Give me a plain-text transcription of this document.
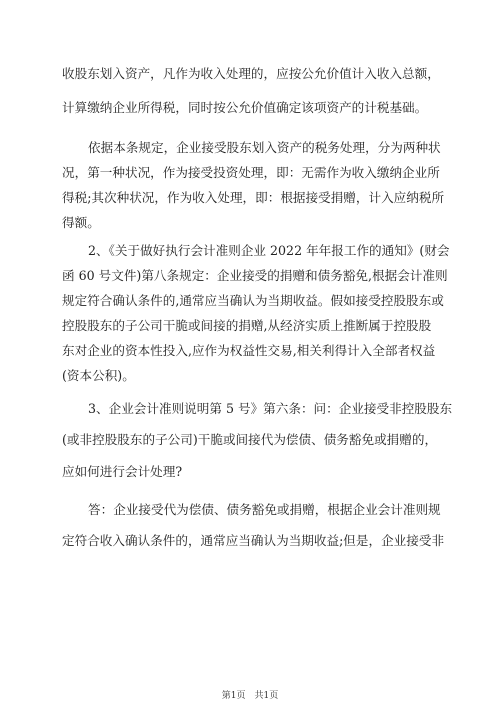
收股东划入资产，凡作为收入处理的，应按公允价值计入收入总额，
计算缴纳企业所得税，同时按公允价值确定该项资产的计税基础。
依据本条规定，企业接受股东划入资产的税务处理，分为两种状
况，第一种状况，作为接受投资处理，即：无需作为收入缴纳企业所
得税;其次种状况，作为收入处理，即：根据接受捐赠，计入应纳税所
得额。
2、《关于做好执行会计准则企业 2022 年年报工作的通知》(财会
函 60 号文件)第八条规定：企业接受的捐赠和债务豁免,根据会计准则
规定符合确认条件的,通常应当确认为当期收益。假如接受控股股东或
控股股东的子公司干脆或间接的捐赠,从经济实质上推断属于控股股
东对企业的资本性投入,应作为权益性交易,相关利得计入全部者权益
(资本公积)。
3、企业会计准则说明第 5 号》第六条：问：企业接受非控股股东
(或非控股股东的子公司)干脆或间接代为偿债、债务豁免或捐赠的，
应如何进行会计处理?
答：企业接受代为偿债、债务豁免或捐赠，根据企业会计准则规
定符合收入确认条件的，通常应当确认为当期收益;但是，企业接受非
第1页　共1页
